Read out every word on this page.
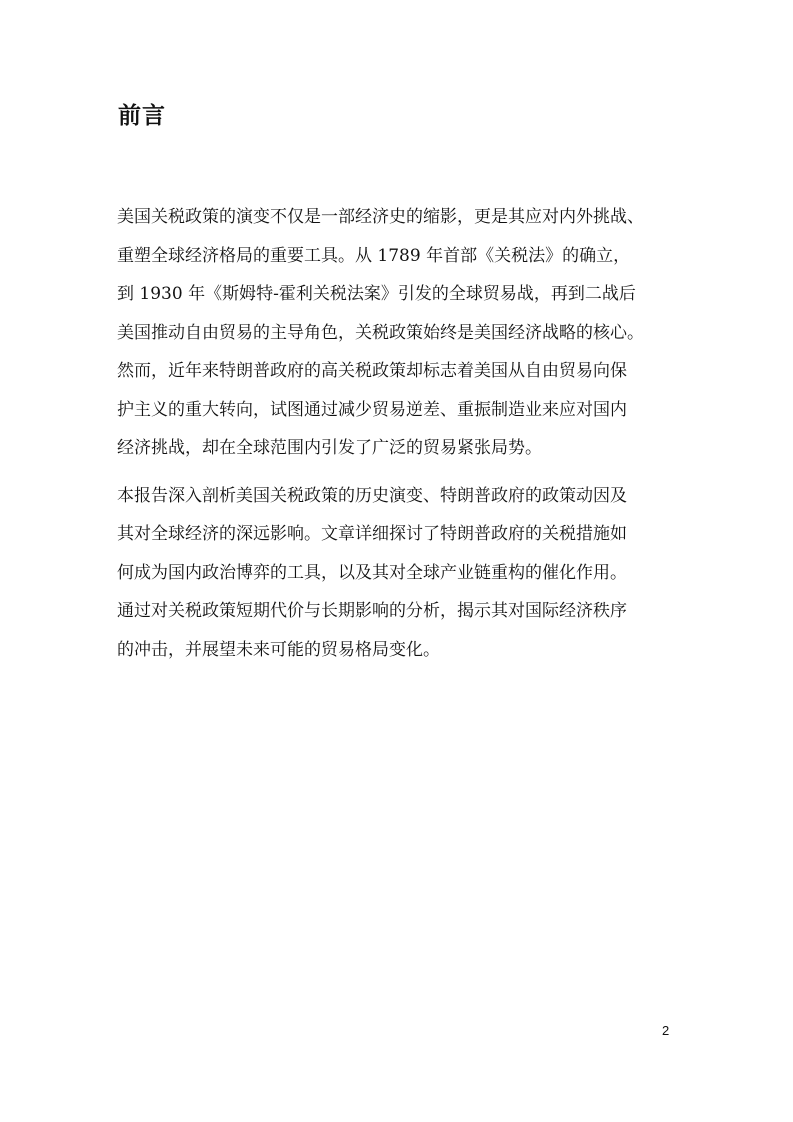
前言

美国关税政策的演变不仅是一部经济史的缩影，更是其应对内外挑战、
重塑全球经济格局的重要工具。从 1789 年首部《关税法》的确立，
到 1930 年《斯姆特-霍利关税法案》引发的全球贸易战，再到二战后
美国推动自由贸易的主导角色，关税政策始终是美国经济战略的核心。
然而，近年来特朗普政府的高关税政策却标志着美国从自由贸易向保
护主义的重大转向，试图通过减少贸易逆差、重振制造业来应对国内
经济挑战，却在全球范围内引发了广泛的贸易紧张局势。

本报告深入剖析美国关税政策的历史演变、特朗普政府的政策动因及
其对全球经济的深远影响。文章详细探讨了特朗普政府的关税措施如
何成为国内政治博弈的工具，以及其对全球产业链重构的催化作用。
通过对关税政策短期代价与长期影响的分析，揭示其对国际经济秩序
的冲击，并展望未来可能的贸易格局变化。

2
